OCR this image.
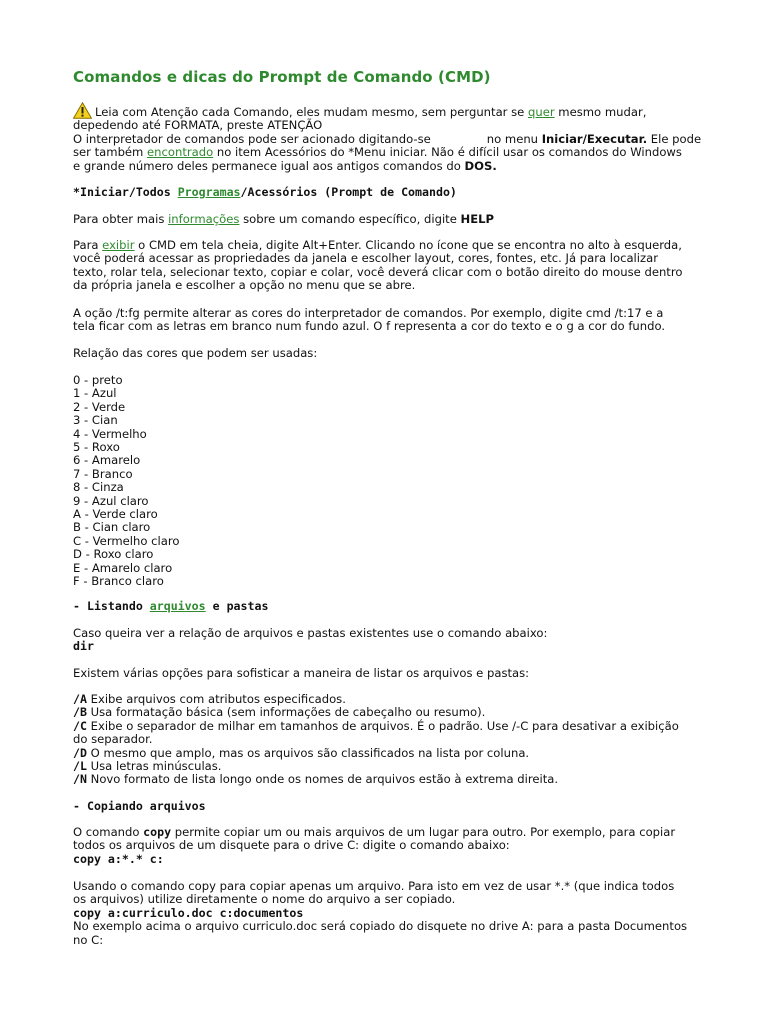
Comandos e dicas do Prompt de Comando (CMD)
Leia com Atenção cada Comando, eles mudam mesmo, sem perguntar se quer mesmo mudar,
depedendo até FORMATA, preste ATENÇÃO
O interpretador de comandos pode ser acionado digitando-se	no menu Iniciar/Executar. Ele pode
ser também encontrado no item Acessórios do *Menu iniciar. Não é difícil usar os comandos do Windows
e grande número deles permanece igual aos antigos comandos do DOS.
*Iniciar/Todos Programas/Acessórios (Prompt de Comando)
Para obter mais informações sobre um comando específico, digite HELP
Para exibir o CMD em tela cheia, digite Alt+Enter. Clicando no ícone que se encontra no alto à esquerda,
você poderá acessar as propriedades da janela e escolher layout, cores, fontes, etc. Já para localizar
texto, rolar tela, selecionar texto, copiar e colar, você deverá clicar com o botão direito do mouse dentro
da própria janela e escolher a opção no menu que se abre.
A oção /t:fg permite alterar as cores do interpretador de comandos. Por exemplo, digite cmd /t:17 e a
tela ficar com as letras em branco num fundo azul. O f representa a cor do texto e o g a cor do fundo.
Relação das cores que podem ser usadas:
0 - preto
1 - Azul
2 - Verde
3 - Cian
4 - Vermelho
5 - Roxo
6 - Amarelo
7 - Branco
8 - Cinza
9 - Azul claro
A - Verde claro
B - Cian claro
C - Vermelho claro
D - Roxo claro
E - Amarelo claro
F - Branco claro
- Listando arquivos e pastas
Caso queira ver a relação de arquivos e pastas existentes use o comando abaixo:
dir
Existem várias opções para sofisticar a maneira de listar os arquivos e pastas:
/A Exibe arquivos com atributos especificados.
/B Usa formatação básica (sem informações de cabeçalho ou resumo).
/C Exibe o separador de milhar em tamanhos de arquivos. É o padrão. Use /-C para desativar a exibição
do separador.
/D O mesmo que amplo, mas os arquivos são classificados na lista por coluna.
/L Usa letras minúsculas.
/N Novo formato de lista longo onde os nomes de arquivos estão à extrema direita.
- Copiando arquivos
O comando copy permite copiar um ou mais arquivos de um lugar para outro. Por exemplo, para copiar
todos os arquivos de um disquete para o drive C: digite o comando abaixo:
copy a:*.* c:
Usando o comando copy para copiar apenas um arquivo. Para isto em vez de usar *.* (que indica todos
os arquivos) utilize diretamente o nome do arquivo a ser copiado.
copy a:curriculo.doc c:documentos
No exemplo acima o arquivo curriculo.doc será copiado do disquete no drive A: para a pasta Documentos
no C:
